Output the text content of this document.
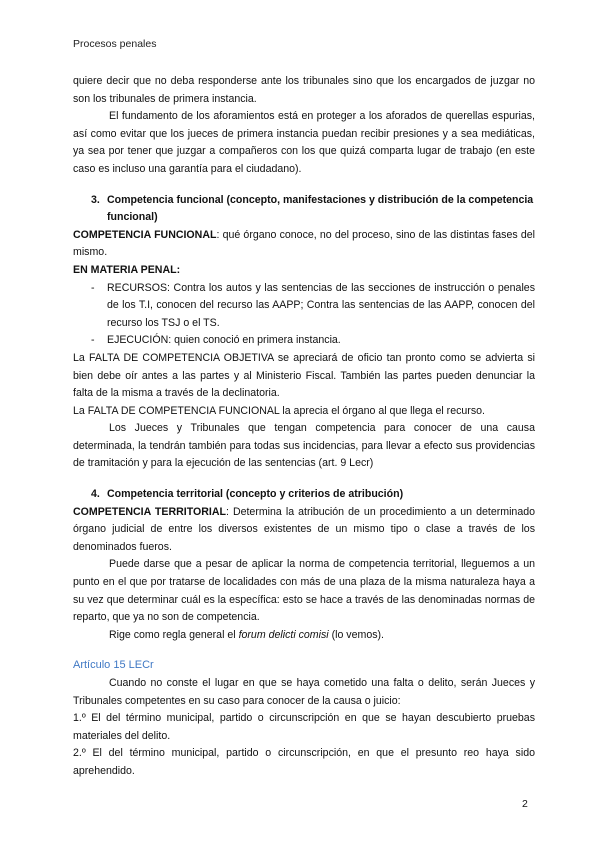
Procesos penales

quiere decir que no deba responderse ante los tribunales sino que los encargados de juzgar no son los tribunales de primera instancia.

El fundamento de los aforamientos está en proteger a los aforados de querellas espurias, así como evitar que los jueces de primera instancia puedan recibir presiones y a sea mediáticas, ya sea por tener que juzgar a compañeros con los que quizá comparta lugar de trabajo (en este caso es incluso una garantía para el ciudadano).

3. Competencia funcional (concepto, manifestaciones y distribución de la competencia funcional)

COMPETENCIA FUNCIONAL: qué órgano conoce, no del proceso, sino de las distintas fases del mismo.

EN MATERIA PENAL:

-	RECURSOS: Contra los autos y las sentencias de las secciones de instrucción o penales de los T.I, conocen del recurso las AAPP; Contra las sentencias de las AAPP, conocen del recurso los TSJ o el TS.
-	EJECUCIÓN: quien conoció en primera instancia.

La FALTA DE COMPETENCIA OBJETIVA se apreciará de oficio tan pronto como se advierta si bien debe oír antes a las partes y al Ministerio Fiscal. También las partes pueden denunciar la falta de la misma a través de la declinatoria.

La FALTA DE COMPETENCIA FUNCIONAL la aprecia el órgano al que llega el recurso.

Los Jueces y Tribunales que tengan competencia para conocer de una causa determinada, la tendrán también para todas sus incidencias, para llevar a efecto sus providencias de tramitación y para la ejecución de las sentencias (art. 9 Lecr)

4. Competencia territorial (concepto y criterios de atribución)

COMPETENCIA TERRITORIAL: Determina la atribución de un procedimiento a un determinado órgano judicial de entre los diversos existentes de un mismo tipo o clase a través de los denominados fueros.

Puede darse que a pesar de aplicar la norma de competencia territorial, lleguemos a un punto en el que por tratarse de localidades con más de una plaza de la misma naturaleza haya a su vez que determinar cuál es la específica: esto se hace a través de las denominadas normas de reparto, que ya no son de competencia.

Rige como regla general el forum delicti comisi (lo vemos).

Artículo 15 LECr

Cuando no conste el lugar en que se haya cometido una falta o delito, serán Jueces y Tribunales competentes en su caso para conocer de la causa o juicio:

1.º El del término municipal, partido o circunscripción en que se hayan descubierto pruebas materiales del delito.

2.º El del término municipal, partido o circunscripción, en que el presunto reo haya sido aprehendido.

2
